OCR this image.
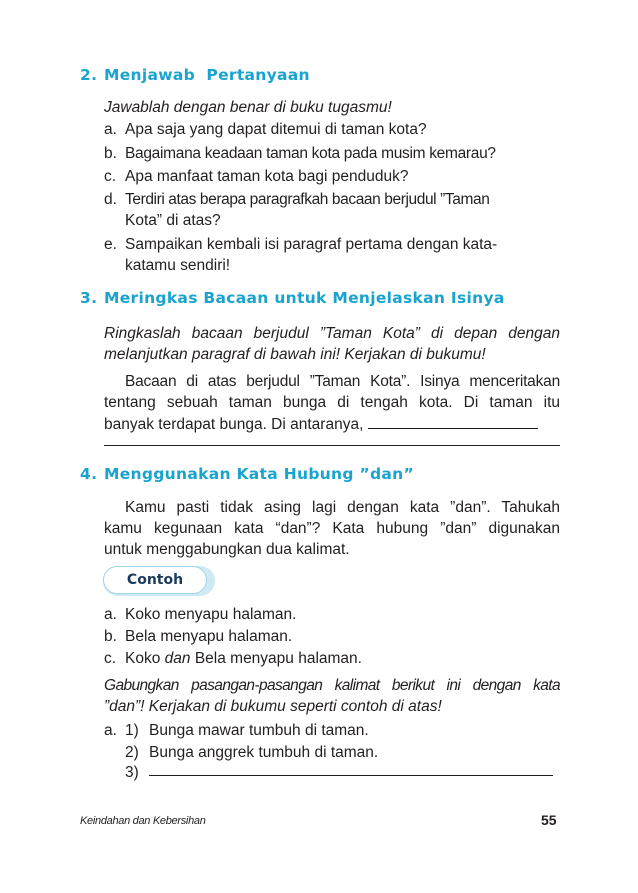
2. Menjawab  Pertanyaan
Jawablah dengan benar di buku tugasmu!
a. Apa saja yang dapat ditemui di taman kota?
b. Bagaimana keadaan taman kota pada musim kemarau?
c. Apa manfaat taman kota bagi penduduk?
d. Terdiri atas berapa paragrafkah bacaan berjudul ”Taman
Kota” di atas?
e. Sampaikan kembali isi paragraf pertama dengan kata-
katamu sendiri!
3. Meringkas Bacaan untuk Menjelaskan Isinya
Ringkaslah bacaan berjudul ”Taman Kota” di depan dengan
melanjutkan paragraf di bawah ini! Kerjakan di bukumu!
Bacaan di atas berjudul ”Taman Kota”. Isinya menceritakan
tentang sebuah taman bunga di tengah kota. Di taman itu
banyak terdapat bunga. Di antaranya,
4. Menggunakan Kata Hubung ”dan”
Kamu pasti tidak asing lagi dengan kata ”dan”. Tahukah
kamu kegunaan kata “dan”? Kata hubung ”dan” digunakan
untuk menggabungkan dua kalimat.
Contoh
a. Koko menyapu halaman.
b. Bela menyapu halaman.
c. Koko dan Bela menyapu halaman.
Gabungkan pasangan-pasangan kalimat berikut ini dengan kata
”dan”! Kerjakan di bukumu seperti contoh di atas!
a. 1) Bunga mawar tumbuh di taman.
2) Bunga anggrek tumbuh di taman.
3)
Keindahan dan Kebersihan	55
